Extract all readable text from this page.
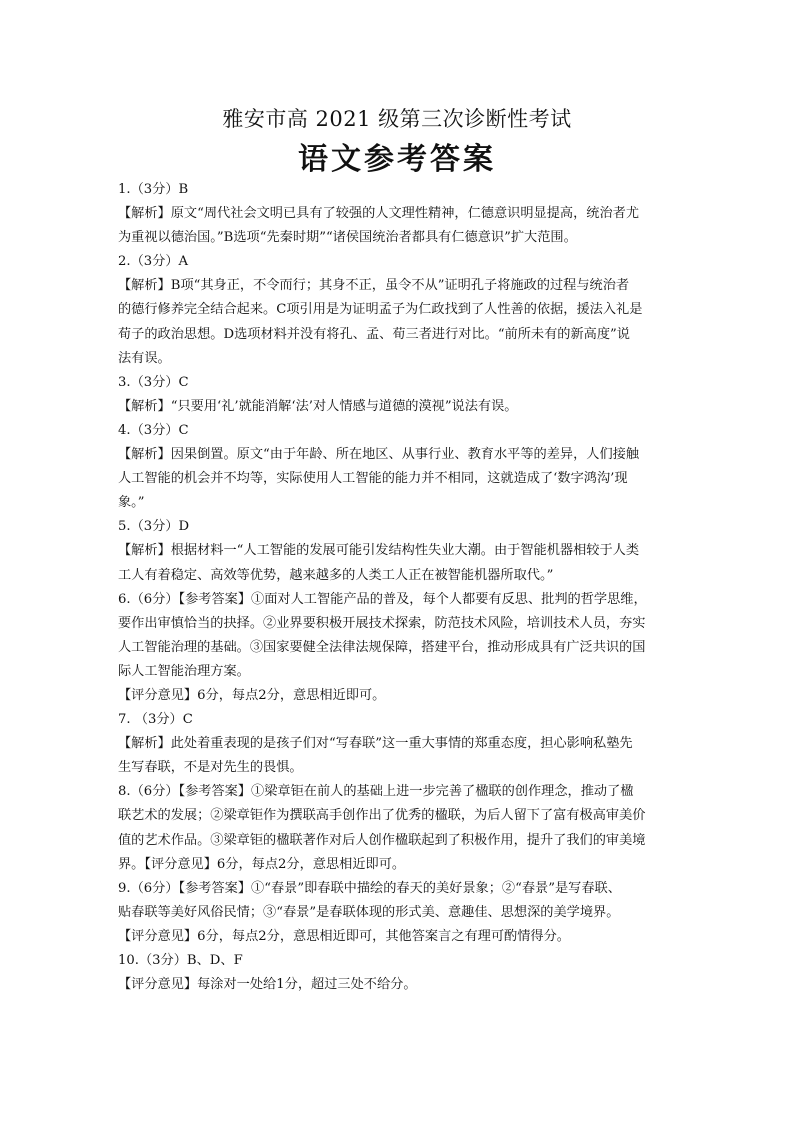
雅安市高 2021 级第三次诊断性考试
语文参考答案
1.（3分）B
【解析】原文“周代社会文明已具有了较强的人文理性精神，仁德意识明显提高，统治者尤
为重视以德治国。”B选项“先秦时期”“诸侯国统治者都具有仁德意识”扩大范围。
2.（3分）A
【解析】B项“其身正，不令而行；其身不正，虽令不从”证明孔子将施政的过程与统治者
的德行修养完全结合起来。C项引用是为证明孟子为仁政找到了人性善的依据，援法入礼是
荀子的政治思想。D选项材料并没有将孔、孟、荀三者进行对比。“前所未有的新高度”说
法有误。
3.（3分）C
【解析】“只要用‘礼’就能消解‘法’对人情感与道德的漠视”说法有误。
4.（3分）C
【解析】因果倒置。原文“由于年龄、所在地区、从事行业、教育水平等的差异，人们接触
人工智能的机会并不均等，实际使用人工智能的能力并不相同，这就造成了‘数字鸿沟’现
象。”
5.（3分）D
【解析】根据材料一“人工智能的发展可能引发结构性失业大潮。由于智能机器相较于人类
工人有着稳定、高效等优势，越来越多的人类工人正在被智能机器所取代。”
6.（6分）【参考答案】①面对人工智能产品的普及，每个人都要有反思、批判的哲学思维，
要作出审慎恰当的抉择。②业界要积极开展技术探索，防范技术风险，培训技术人员，夯实
人工智能治理的基础。③国家要健全法律法规保障，搭建平台，推动形成具有广泛共识的国
际人工智能治理方案。
【评分意见】6分，每点2分，意思相近即可。
7. （3分）C
【解析】此处着重表现的是孩子们对“写春联”这一重大事情的郑重态度，担心影响私塾先
生写春联，不是对先生的畏惧。
8.（6分）【参考答案】①梁章钜在前人的基础上进一步完善了楹联的创作理念，推动了楹
联艺术的发展；②梁章钜作为撰联高手创作出了优秀的楹联，为后人留下了富有极高审美价
值的艺术作品。③梁章钜的楹联著作对后人创作楹联起到了积极作用，提升了我们的审美境
界。【评分意见】6分，每点2分，意思相近即可。
9.（6分）【参考答案】①“春景”即春联中描绘的春天的美好景象；②“春景”是写春联、
贴春联等美好风俗民情；③“春景”是春联体现的形式美、意趣佳、思想深的美学境界。
【评分意见】6分，每点2分，意思相近即可，其他答案言之有理可酌情得分。
10.（3分）B、D、F
【评分意见】每涂对一处给1分，超过三处不给分。
